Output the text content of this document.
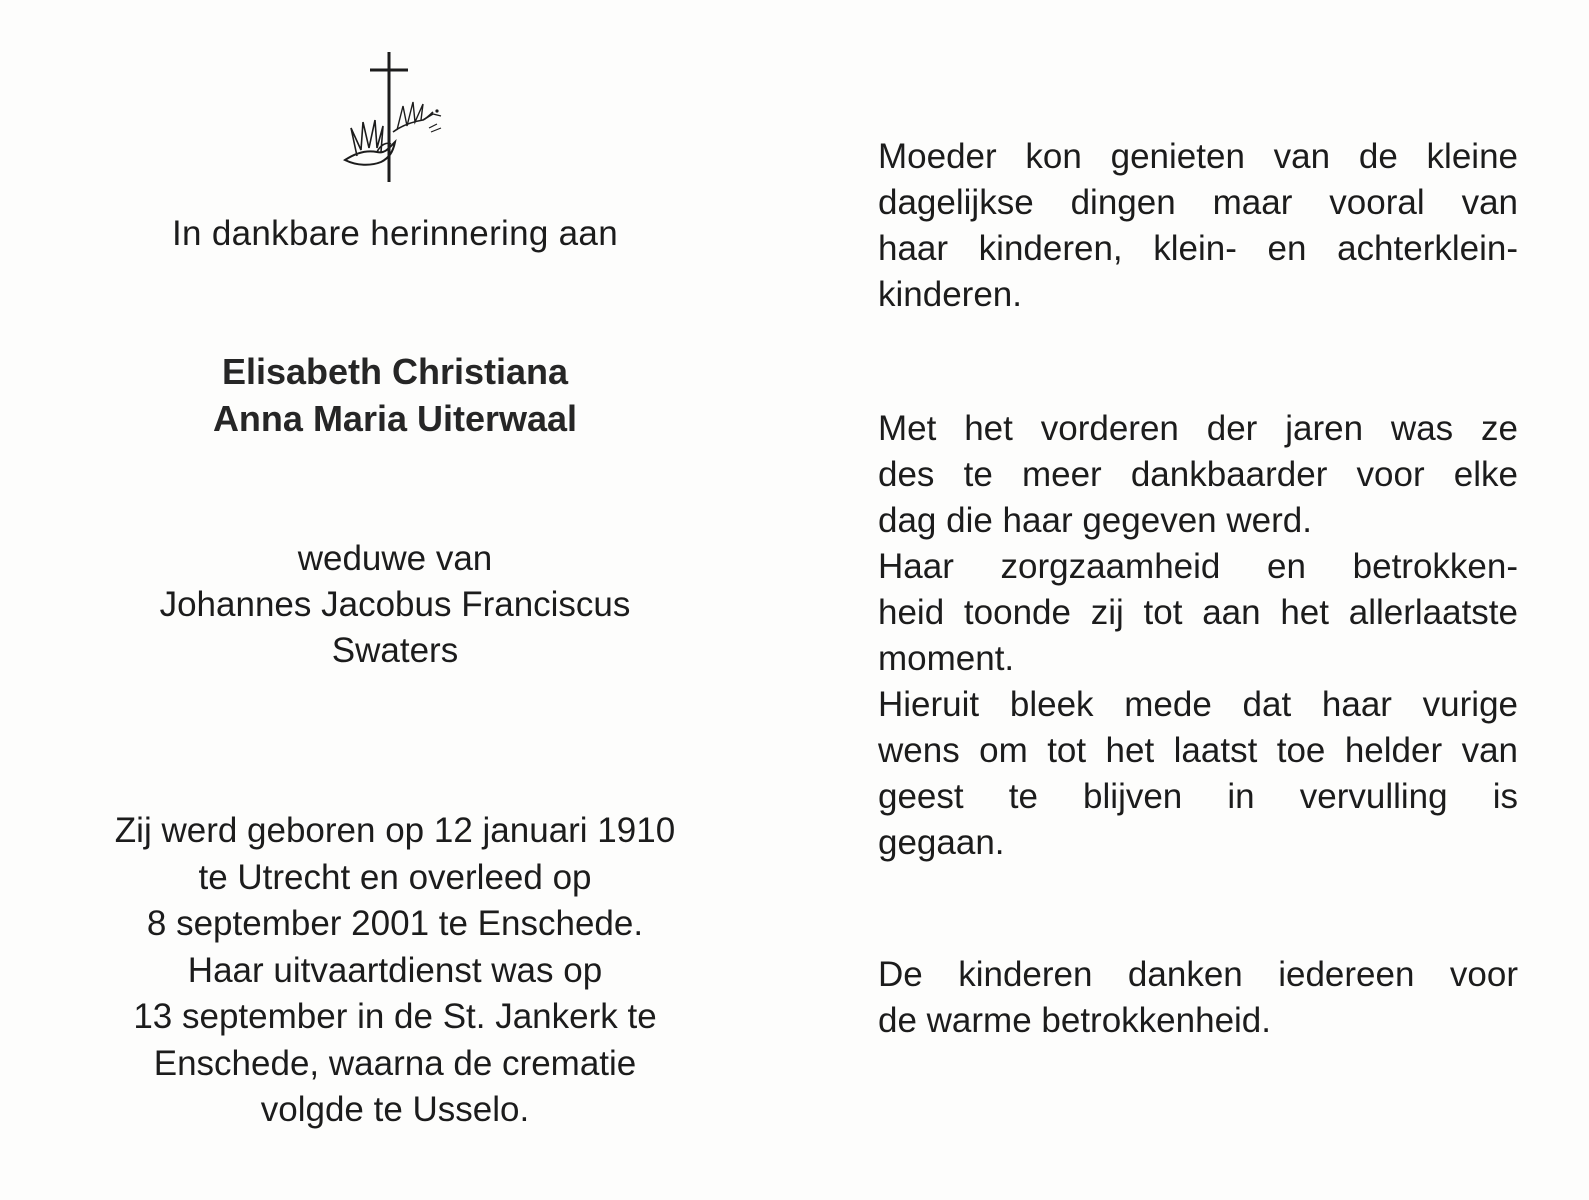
In dankbare herinnering aan
Elisabeth Christiana
Anna Maria Uiterwaal
weduwe van
Johannes Jacobus Franciscus
Swaters
Zij werd geboren op 12 januari 1910
te Utrecht en overleed op
8 september 2001 te Enschede.
Haar uitvaartdienst was op
13 september in de St. Jankerk te
Enschede, waarna de crematie
volgde te Usselo.
Moeder kon genieten van de kleine
dagelijkse dingen maar vooral van
haar kinderen, klein- en achterklein-
kinderen.
Met het vorderen der jaren was ze
des te meer dankbaarder voor elke
dag die haar gegeven werd.
Haar zorgzaamheid en betrokken-
heid toonde zij tot aan het allerlaatste
moment.
Hieruit bleek mede dat haar vurige
wens om tot het laatst toe helder van
geest te blijven in vervulling is
gegaan.
De kinderen danken iedereen voor
de warme betrokkenheid.
